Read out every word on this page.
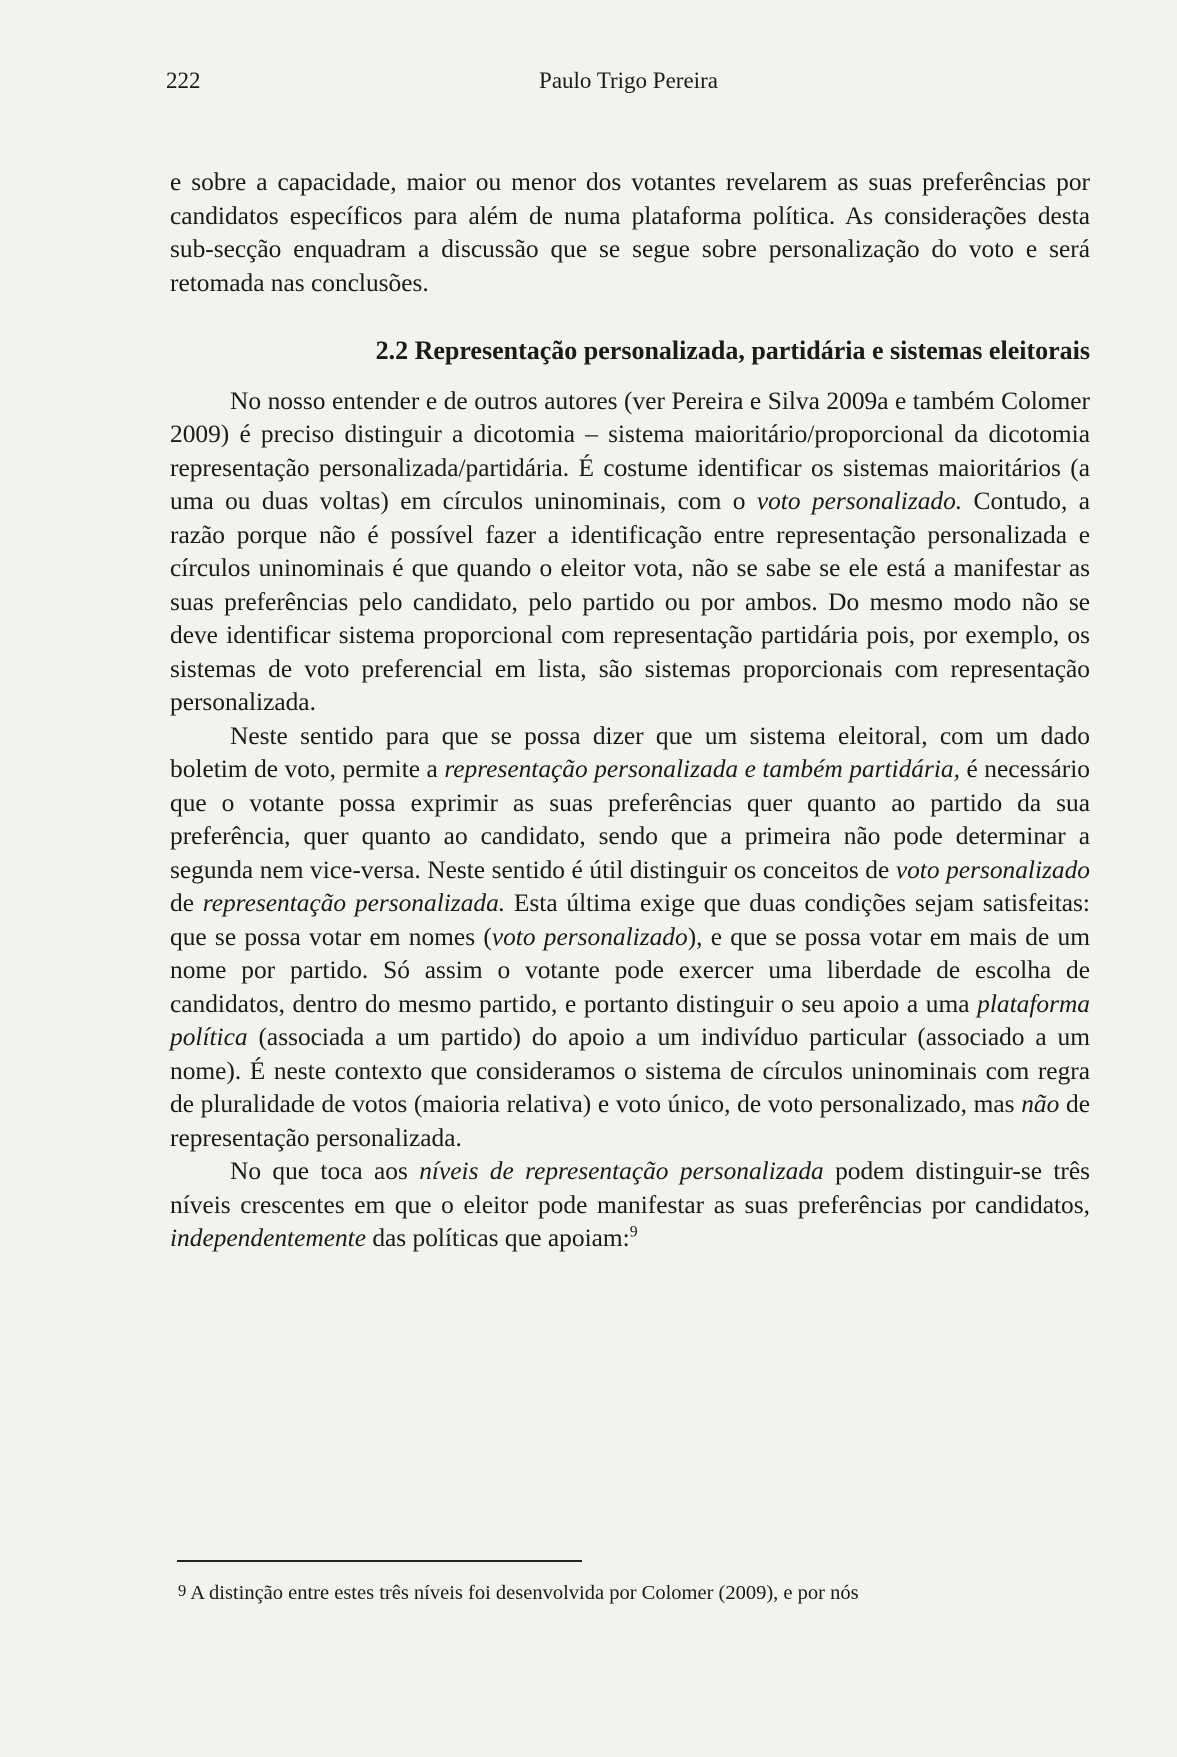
222	Paulo Trigo Pereira

e sobre a capacidade, maior ou menor dos votantes revelarem as suas preferências por candidatos específicos para além de numa plataforma política. As considerações desta sub-secção enquadram a discussão que se segue sobre personalização do voto e será retomada nas conclusões.

2.2 Representação personalizada, partidária e sistemas eleitorais

No nosso entender e de outros autores (ver Pereira e Silva 2009a e também Colomer 2009) é preciso distinguir a dicotomia – sistema maioritário/proporcional da dicotomia representação personalizada/partidária. É costume identificar os sistemas maioritários (a uma ou duas voltas) em círculos uninominais, com o voto personalizado. Contudo, a razão porque não é possível fazer a identificação entre representação personalizada e círculos uninominais é que quando o eleitor vota, não se sabe se ele está a manifestar as suas preferências pelo candidato, pelo partido ou por ambos. Do mesmo modo não se deve identificar sistema proporcional com representação partidária pois, por exemplo, os sistemas de voto preferencial em lista, são sistemas proporcionais com representação personalizada.

Neste sentido para que se possa dizer que um sistema eleitoral, com um dado boletim de voto, permite a representação personalizada e também partidária, é necessário que o votante possa exprimir as suas preferências quer quanto ao partido da sua preferência, quer quanto ao candidato, sendo que a primeira não pode determinar a segunda nem vice-versa. Neste sentido é útil distinguir os conceitos de voto personalizado de representação personalizada. Esta última exige que duas condições sejam satisfeitas: que se possa votar em nomes (voto personalizado), e que se possa votar em mais de um nome por partido. Só assim o votante pode exercer uma liberdade de escolha de candidatos, dentro do mesmo partido, e portanto distinguir o seu apoio a uma plataforma política (associada a um partido) do apoio a um indivíduo particular (associado a um nome). É neste contexto que consideramos o sistema de círculos uninominais com regra de pluralidade de votos (maioria relativa) e voto único, de voto personalizado, mas não de representação personalizada.

No que toca aos níveis de representação personalizada podem distinguir-se três níveis crescentes em que o eleitor pode manifestar as suas preferências por candidatos, independentemente das políticas que apoiam:$^9$

9 A distinção entre estes três níveis foi desenvolvida por Colomer (2009), e por nós
